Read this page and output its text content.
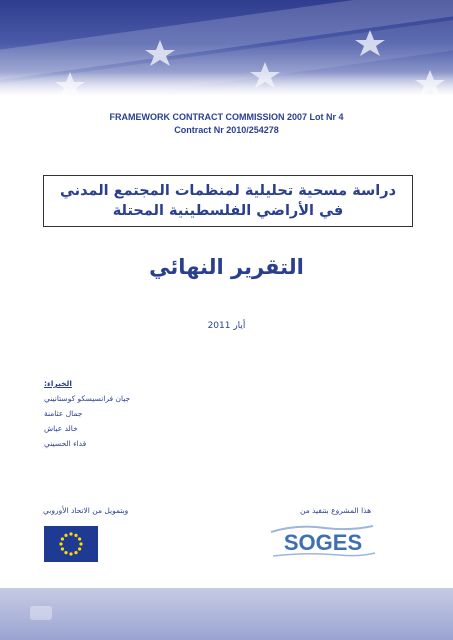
FRAMEWORK CONTRACT COMMISSION 2007 Lot Nr 4
Contract Nr 2010/254278
دراسة مسحية تحليلية لمنظمات المجتمع المدني
في الأراضي الفلسطينية المحتلة
التقرير النهائي
أيار 2011
الخبراء:
جيان فرانسيسكو كوستانيني
جمال عثامنة
خالد عياش
فداء الحسيني
هذا المشروع بتنفيذ من
وبتمويل من الاتحاد الأوروبي
SOGES
